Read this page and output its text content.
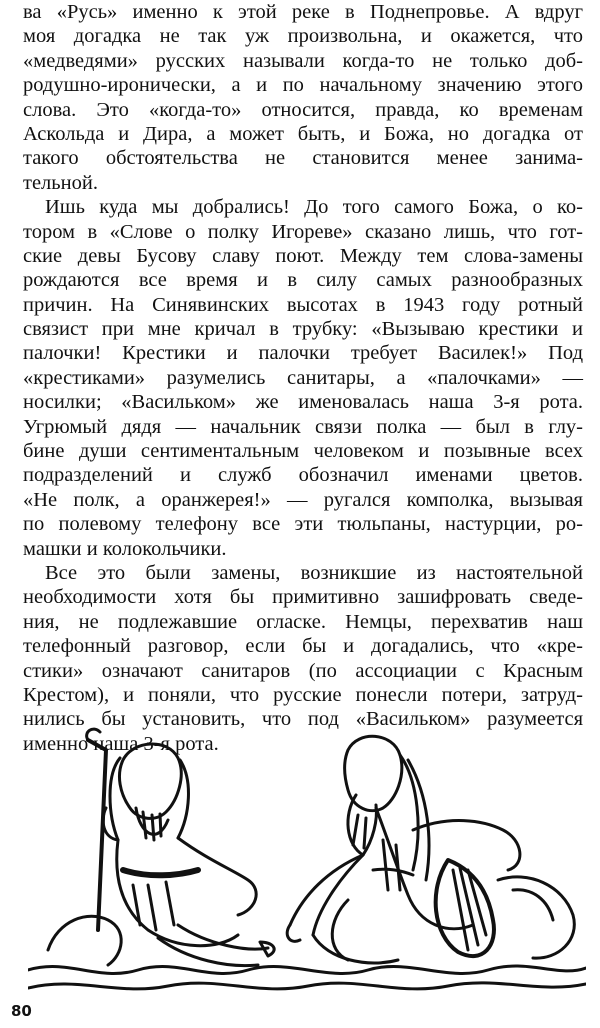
ва «Русь» именно к этой реке в Поднепровье. А вдруг
моя догадка не так уж произвольна, и окажется, что
«медведями» русских называли когда-то не только доб-
родушно-иронически, а и по начальному значению этого
слова. Это «когда-то» относится, правда, ко временам
Аскольда и Дира, а может быть, и Божа, но догадка от
такого обстоятельства не становится менее занима-
тельной.
Ишь куда мы добрались! До того самого Божа, о ко-
тором в «Слове о полку Игореве» сказано лишь, что гот-
ские девы Бусову славу поют. Между тем слова-замены
рождаются все время и в силу самых разнообразных
причин. На Синявинских высотах в 1943 году ротный
связист при мне кричал в трубку: «Вызываю крестики и
палочки! Крестики и палочки требует Василек!» Под
«крестиками» разумелись санитары, а «палочками» —
носилки; «Васильком» же именовалась наша 3-я рота.
Угрюмый дядя — начальник связи полка — был в глу-
бине души сентиментальным человеком и позывные всех
подразделений и служб обозначил именами цветов.
«Не полк, а оранжерея!» — ругался комполка, вызывая
по полевому телефону все эти тюльпаны, настурции, ро-
машки и колокольчики.
Все это были замены, возникшие из настоятельной
необходимости хотя бы примитивно зашифровать сведе-
ния, не подлежавшие огласке. Немцы, перехватив наш
телефонный разговор, если бы и догадались, что «кре-
стики» означают санитаров (по ассоциации с Красным
Крестом), и поняли, что русские понесли потери, затруд-
нились бы установить, что под «Васильком» разумеется
именно наша 3-я рота.
80
